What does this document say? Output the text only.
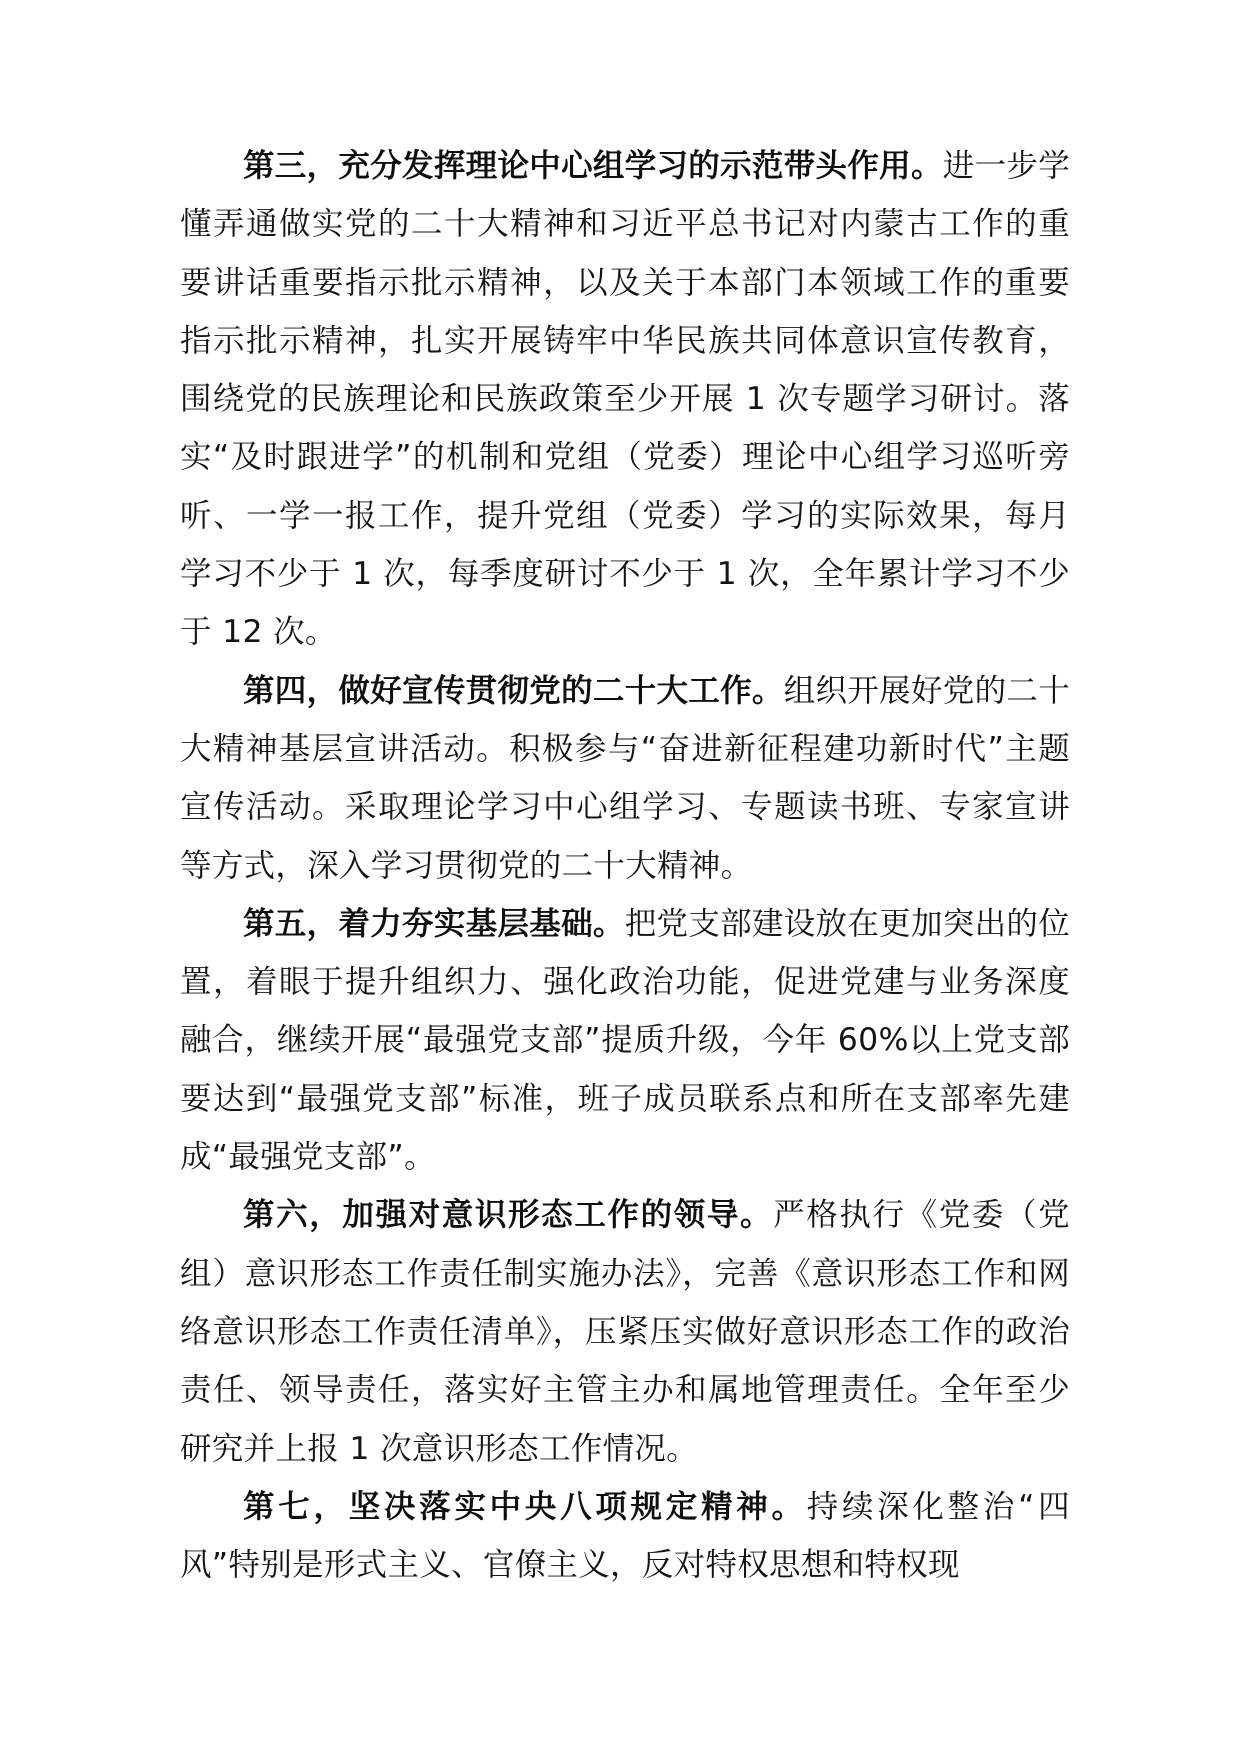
第三，充分发挥理论中心组学习的示范带头作用。进一步学懂弄通做实党的二十大精神和习近平总书记对内蒙古工作的重要讲话重要指示批示精神，以及关于本部门本领域工作的重要指示批示精神，扎实开展铸牢中华民族共同体意识宣传教育，围绕党的民族理论和民族政策至少开展 1 次专题学习研讨。落实“及时跟进学”的机制和党组（党委）理论中心组学习巡听旁听、一学一报工作，提升党组（党委）学习的实际效果，每月学习不少于 1 次，每季度研讨不少于 1 次，全年累计学习不少于 12 次。

第四，做好宣传贯彻党的二十大工作。组织开展好党的二十大精神基层宣讲活动。积极参与“奋进新征程建功新时代”主题宣传活动。采取理论学习中心组学习、专题读书班、专家宣讲等方式，深入学习贯彻党的二十大精神。

第五，着力夯实基层基础。把党支部建设放在更加突出的位置，着眼于提升组织力、强化政治功能，促进党建与业务深度融合，继续开展“最强党支部”提质升级，今年 60%以上党支部要达到“最强党支部”标准，班子成员联系点和所在支部率先建成“最强党支部”。

第六，加强对意识形态工作的领导。严格执行《党委（党组）意识形态工作责任制实施办法》，完善《意识形态工作和网络意识形态工作责任清单》，压紧压实做好意识形态工作的政治责任、领导责任，落实好主管主办和属地管理责任。全年至少研究并上报 1 次意识形态工作情况。

第七，坚决落实中央八项规定精神。持续深化整治“四风”特别是形式主义、官僚主义，反对特权思想和特权现
